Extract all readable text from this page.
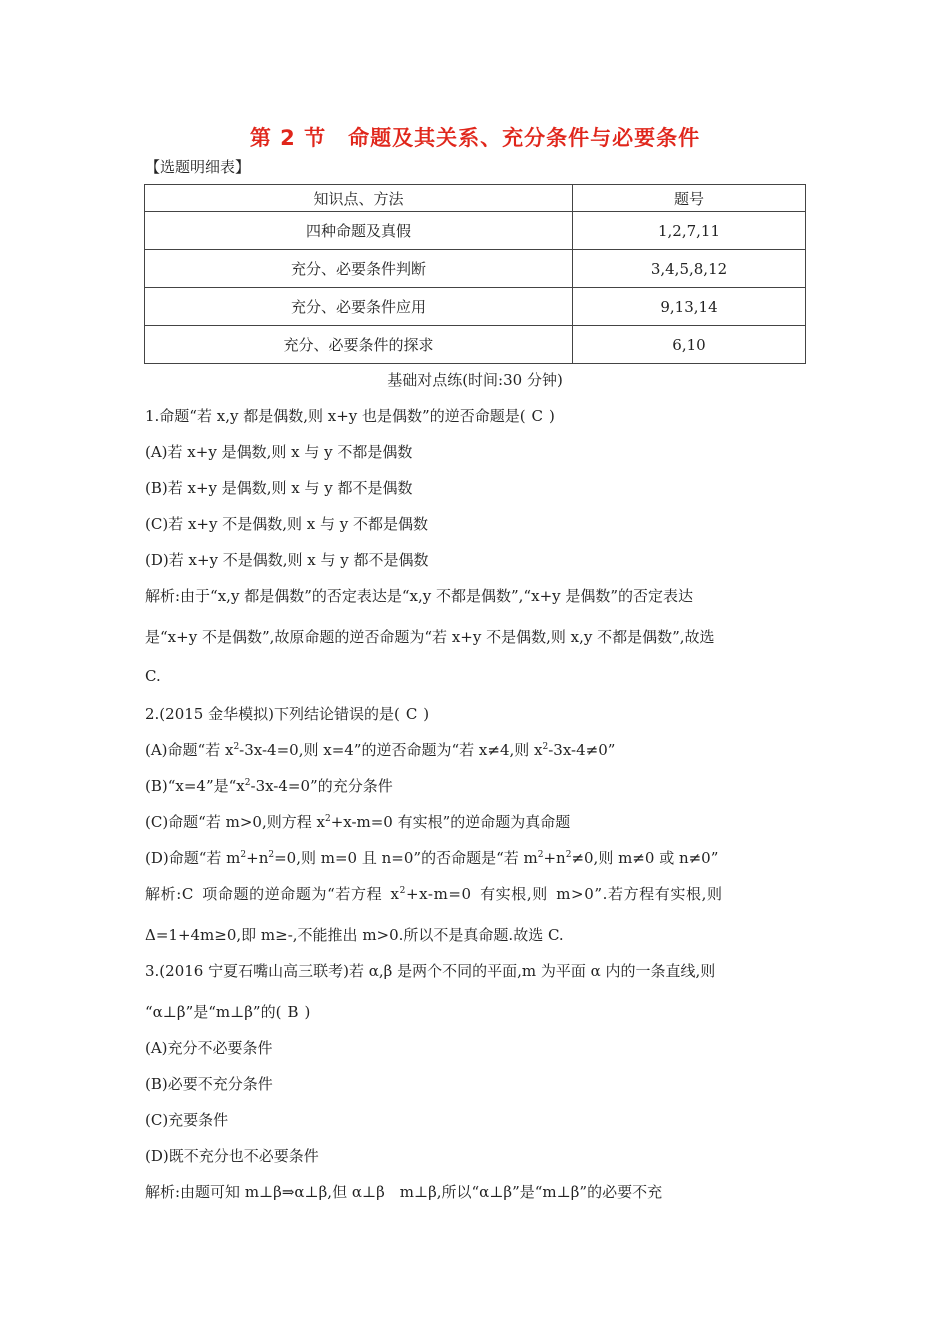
第 2 节　命题及其关系、充分条件与必要条件
【选题明细表】
知识点、方法	题号
四种命题及真假	1,2,7,11
充分、必要条件判断	3,4,5,8,12
充分、必要条件应用	9,13,14
充分、必要条件的探求	6,10
基础对点练(时间:30 分钟)
1.命题“若 x,y 都是偶数,则 x+y 也是偶数”的逆否命题是( C )
(A)若 x+y 是偶数,则 x 与 y 不都是偶数
(B)若 x+y 是偶数,则 x 与 y 都不是偶数
(C)若 x+y 不是偶数,则 x 与 y 不都是偶数
(D)若 x+y 不是偶数,则 x 与 y 都不是偶数
解析:由于“x,y 都是偶数”的否定表达是“x,y 不都是偶数”,“x+y 是偶数”的否定表达
是“x+y 不是偶数”,故原命题的逆否命题为“若 x+y 不是偶数,则 x,y 不都是偶数”,故选
C.
2.(2015 金华模拟)下列结论错误的是( C )
(A)命题“若 $x^2-3x-4=0$,则 x=4”的逆否命题为“若 x≠4,则 $x^2-3x-4\ne 0$”
(B)“x=4”是“$x^2-3x-4=0$”的充分条件
(C)命题“若 m>0,则方程 $x^2+x-m=0$ 有实根”的逆命题为真命题
(D)命题“若 $m^2+n^2=0$,则 m=0 且 n=0”的否命题是“若 $m^2+n^2\ne 0$,则 m≠0 或 n≠0”
解析:C 项命题的逆命题为“若方程 $x^2+x-m=0$ 有实根,则 m>0”.若方程有实根,则
Δ=1+4m≥0,即 m≥-,不能推出 m>0.所以不是真命题.故选 C.
3.(2016 宁夏石嘴山高三联考)若 α,β 是两个不同的平面,m 为平面 α 内的一条直线,则
“α⊥β”是“m⊥β”的( B )
(A)充分不必要条件
(B)必要不充分条件
(C)充要条件
(D)既不充分也不必要条件
解析:由题可知 m⊥β⇒α⊥β,但 α⊥β　m⊥β,所以“α⊥β”是“m⊥β”的必要不充
